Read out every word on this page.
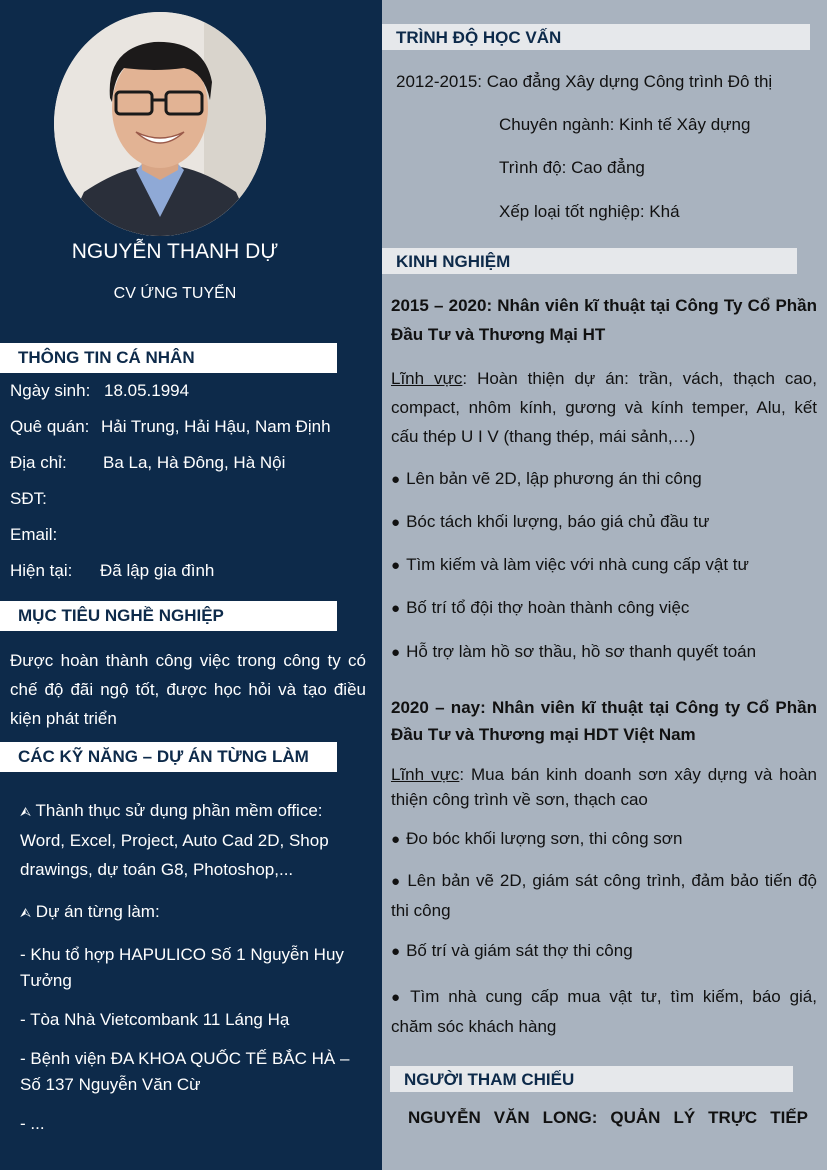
NGUYỄN THANH DỰ
CV ỨNG TUYỂN
THÔNG TIN CÁ NHÂN
Ngày sinh: 18.05.1994
Quê quán: Hải Trung, Hải Hậu, Nam Định
Địa chỉ: Ba La, Hà Đông, Hà Nội
SĐT:
Email:
Hiện tại: Đã lập gia đình
MỤC TIÊU NGHỀ NGHIỆP
Được hoàn thành công việc trong công ty có chế độ đãi ngộ tốt, được học hỏi và tạo điều kiện phát triển
CÁC KỸ NĂNG – DỰ ÁN TỪNG LÀM
⮙ Thành thục sử dụng phần mềm office: Word, Excel, Project, Auto Cad 2D, Shop drawings, dự toán G8, Photoshop,...
⮙ Dự án từng làm:
- Khu tổ hợp HAPULICO Số 1 Nguyễn Huy Tưởng
- Tòa Nhà Vietcombank 11 Láng Hạ
- Bệnh viện ĐA KHOA QUỐC TẾ BẮC HÀ – Số 137 Nguyễn Văn Cừ
- ...
TRÌNH ĐỘ HỌC VẤN
2012-2015: Cao đẳng Xây dựng Công trình Đô thị
Chuyên ngành: Kinh tế Xây dựng
Trình độ: Cao đẳng
Xếp loại tốt nghiệp: Khá
KINH NGHIỆM
2015 – 2020: Nhân viên kĩ thuật tại Công Ty Cổ Phần Đầu Tư và Thương Mại HT
Lĩnh vực: Hoàn thiện dự án: trần, vách, thạch cao, compact, nhôm kính, gương và kính temper, Alu, kết cấu thép U I V (thang thép, mái sảnh,…)
● Lên bản vẽ 2D, lập phương án thi công
● Bóc tách khối lượng, báo giá chủ đầu tư
● Tìm kiếm và làm việc với nhà cung cấp vật tư
● Bố trí tổ đội thợ hoàn thành công việc
● Hỗ trợ làm hồ sơ thầu, hồ sơ thanh quyết toán
2020 – nay: Nhân viên kĩ thuật tại Công ty Cổ Phần Đầu Tư và Thương mại HDT Việt Nam
Lĩnh vực: Mua bán kinh doanh sơn xây dựng và hoàn thiện công trình về sơn, thạch cao
● Đo bóc khối lượng sơn, thi công sơn
● Lên bản vẽ 2D, giám sát công trình, đảm bảo tiến độ thi công
● Bố trí và giám sát thợ thi công
● Tìm nhà cung cấp mua vật tư, tìm kiếm, báo giá, chăm sóc khách hàng
NGƯỜI THAM CHIẾU
NGUYỄN VĂN LONG: QUẢN LÝ TRỰC TIẾP
